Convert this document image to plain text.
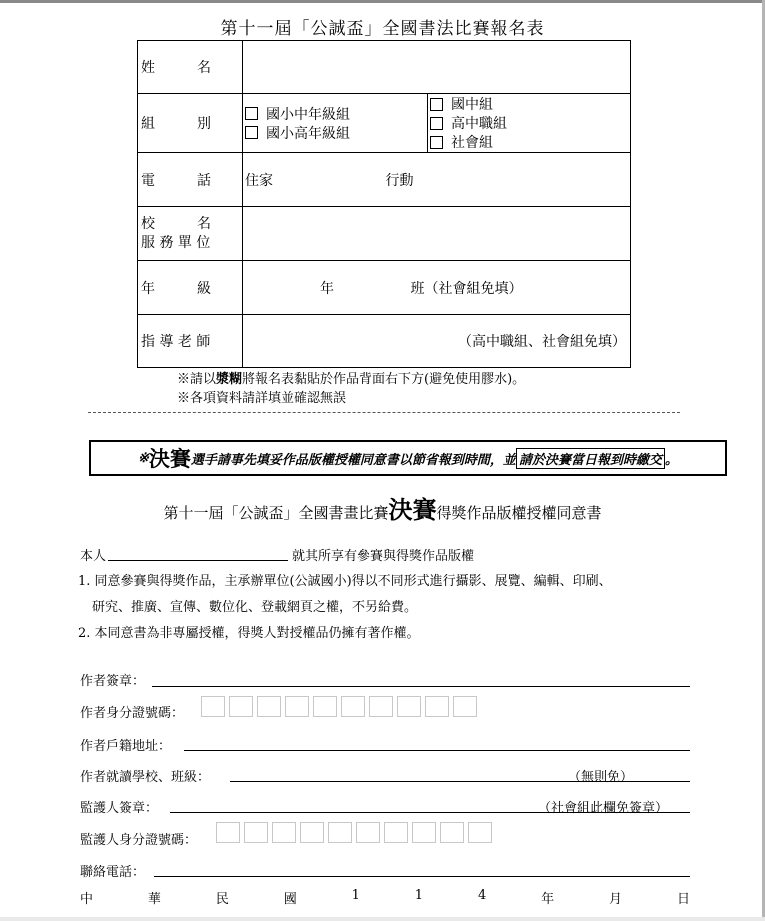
第十一屆「公誠盃」全國書法比賽報名表
姓　　　名	

組　　　別	國小中年級組
國小高年級組
國中組
高中職組
社會組

電　　　話	住家 行動

校　　　名
服 務 單 位	

年　　　級	年 班（社會組免填）
指 導 老 師	（高中職組、社會組免填）
※請以漿糊將報名表黏貼於作品背面右下方(避免使用膠水)。
※各項資料請詳填並確認無誤
※ 決賽 選手請事先填妥作品版權授權同意書以節省報到時間，並 請於決賽當日報到時繳交 。
第十一屆「公誠盃」全國書畫比賽決賽得獎作品版權授權同意書
本人	就其所享有參賽與得獎作品版權
1. 同意參賽與得獎作品，主承辦單位(公誠國小)得以不同形式進行攝影、展覽、編輯、印刷、
研究、推廣、宣傳、數位化、登載網頁之權，不另給費。
2. 本同意書為非專屬授權，得獎人對授權品仍擁有著作權。
作者簽章：
作者身分證號碼：
作者戶籍地址：
作者就讀學校、班級：	（無則免）
監護人簽章：	（社會組此欄免簽章）
監護人身分證號碼：
聯絡電話：
中	華	民	國	1	1	4	年	月	日
